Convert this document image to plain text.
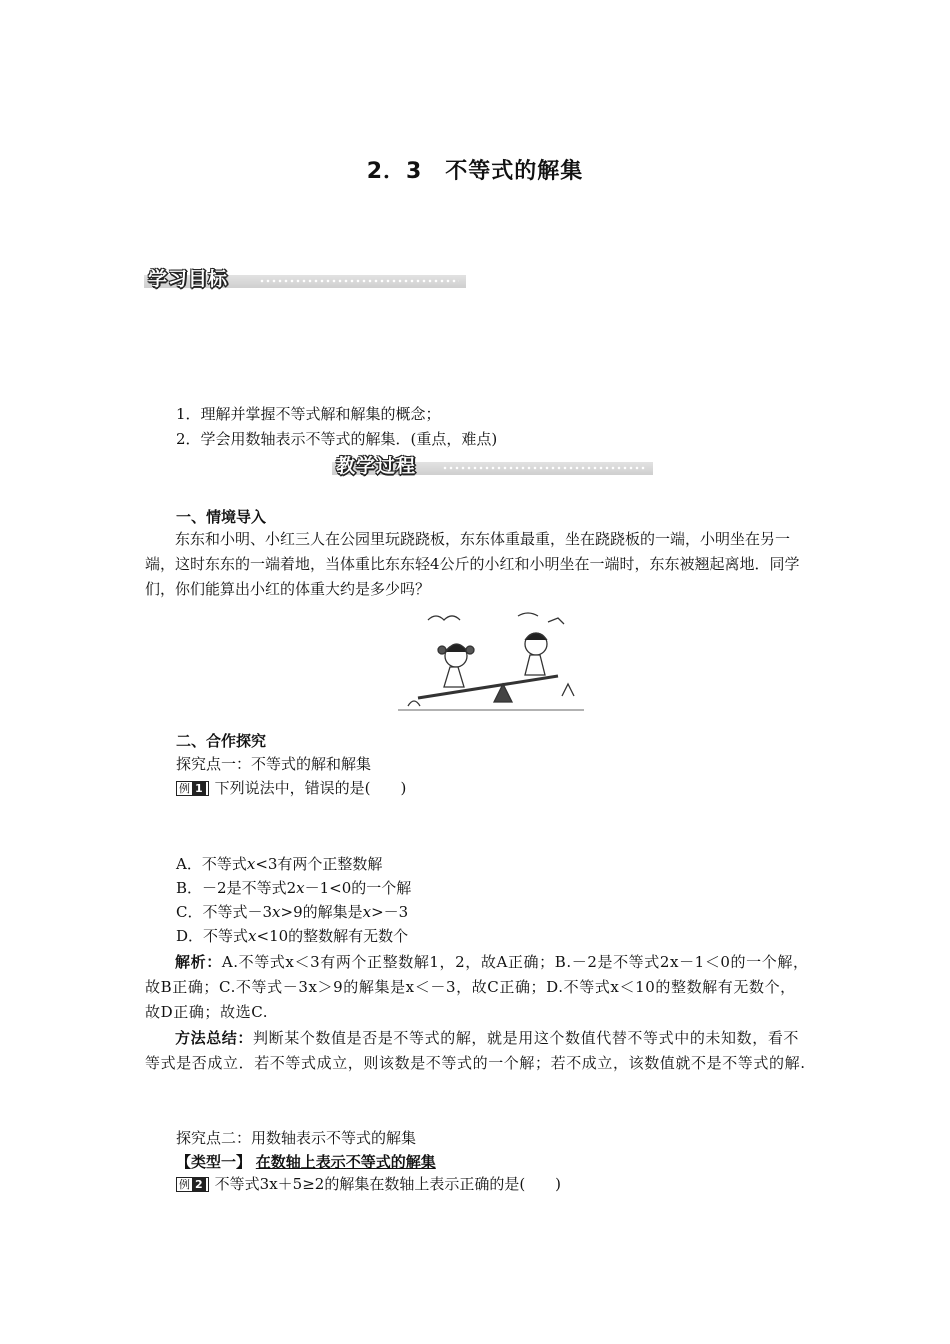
2．3　不等式的解集
学习目标
1．理解并掌握不等式解和解集的概念；
2．学会用数轴表示不等式的解集．(重点，难点)
教学过程
一、情境导入
东东和小明、小红三人在公园里玩跷跷板，东东体重最重，坐在跷跷板的一端，小明坐在另一端，这时东东的一端着地，当体重比东东轻4公斤的小红和小明坐在一端时，东东被翘起离地．同学们，你们能算出小红的体重大约是多少吗？
二、合作探究
探究点一：不等式的解和解集
例 1 下列说法中，错误的是(　　)
A．不等式x<3有两个正整数解
B．－2是不等式2x－1<0的一个解
C．不等式－3x>9的解集是x>－3
D．不等式x<10的整数解有无数个
解析：A.不等式x＜3有两个正整数解1，2，故A正确；B.－2是不等式2x－1＜0的一个解，故B正确；C.不等式－3x＞9的解集是x＜－3，故C正确；D.不等式x＜10的整数解有无数个，故D正确；故选C.
方法总结：判断某个数值是否是不等式的解，就是用这个数值代替不等式中的未知数，看不等式是否成立．若不等式成立，则该数是不等式的一个解；若不成立，该数值就不是不等式的解.
探究点二：用数轴表示不等式的解集
【类型一】 在数轴上表示不等式的解集
例 2 不等式3x＋5≥2的解集在数轴上表示正确的是(　　)
